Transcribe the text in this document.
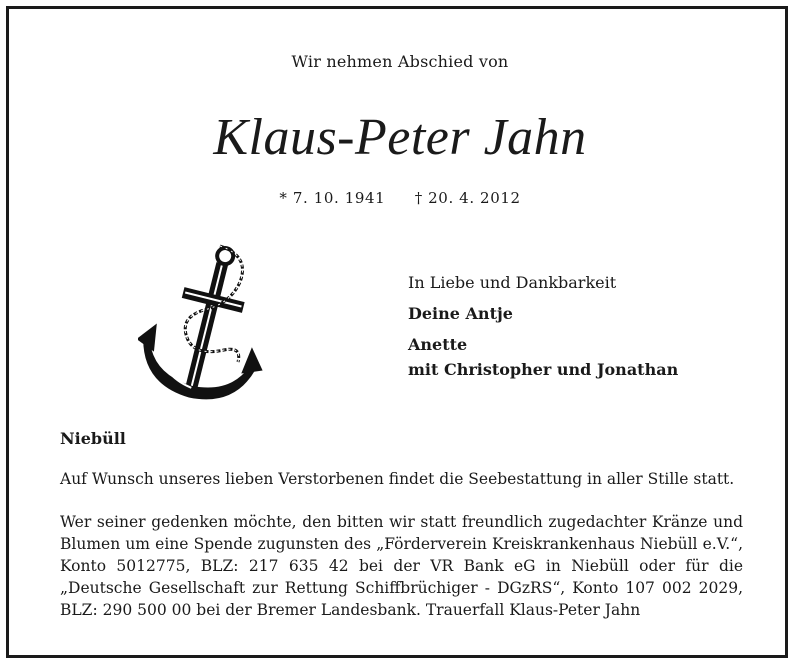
Wir nehmen Abschied von
Klaus-Peter Jahn
* 7. 10. 1941 † 20. 4. 2012
In Liebe und Dankbarkeit
Deine Antje
Anette
mit Christopher und Jonathan
Niebüll
Auf Wunsch unseres lieben Verstorbenen findet die Seebestattung in aller Stille statt.
Wer seiner gedenken möchte, den bitten wir statt freundlich zugedachter Kränze und Blumen um eine Spende zugunsten des „Förderverein Kreiskrankenhaus Niebüll e.V.“, Konto 5012775, BLZ: 217 635 42 bei der VR Bank eG in Niebüll oder für die „Deutsche Gesellschaft zur Rettung Schiffbrüchiger - DGzRS“, Konto 107 002 2029, BLZ: 290 500 00 bei der Bremer Landesbank. Trauerfall Klaus-Peter Jahn
